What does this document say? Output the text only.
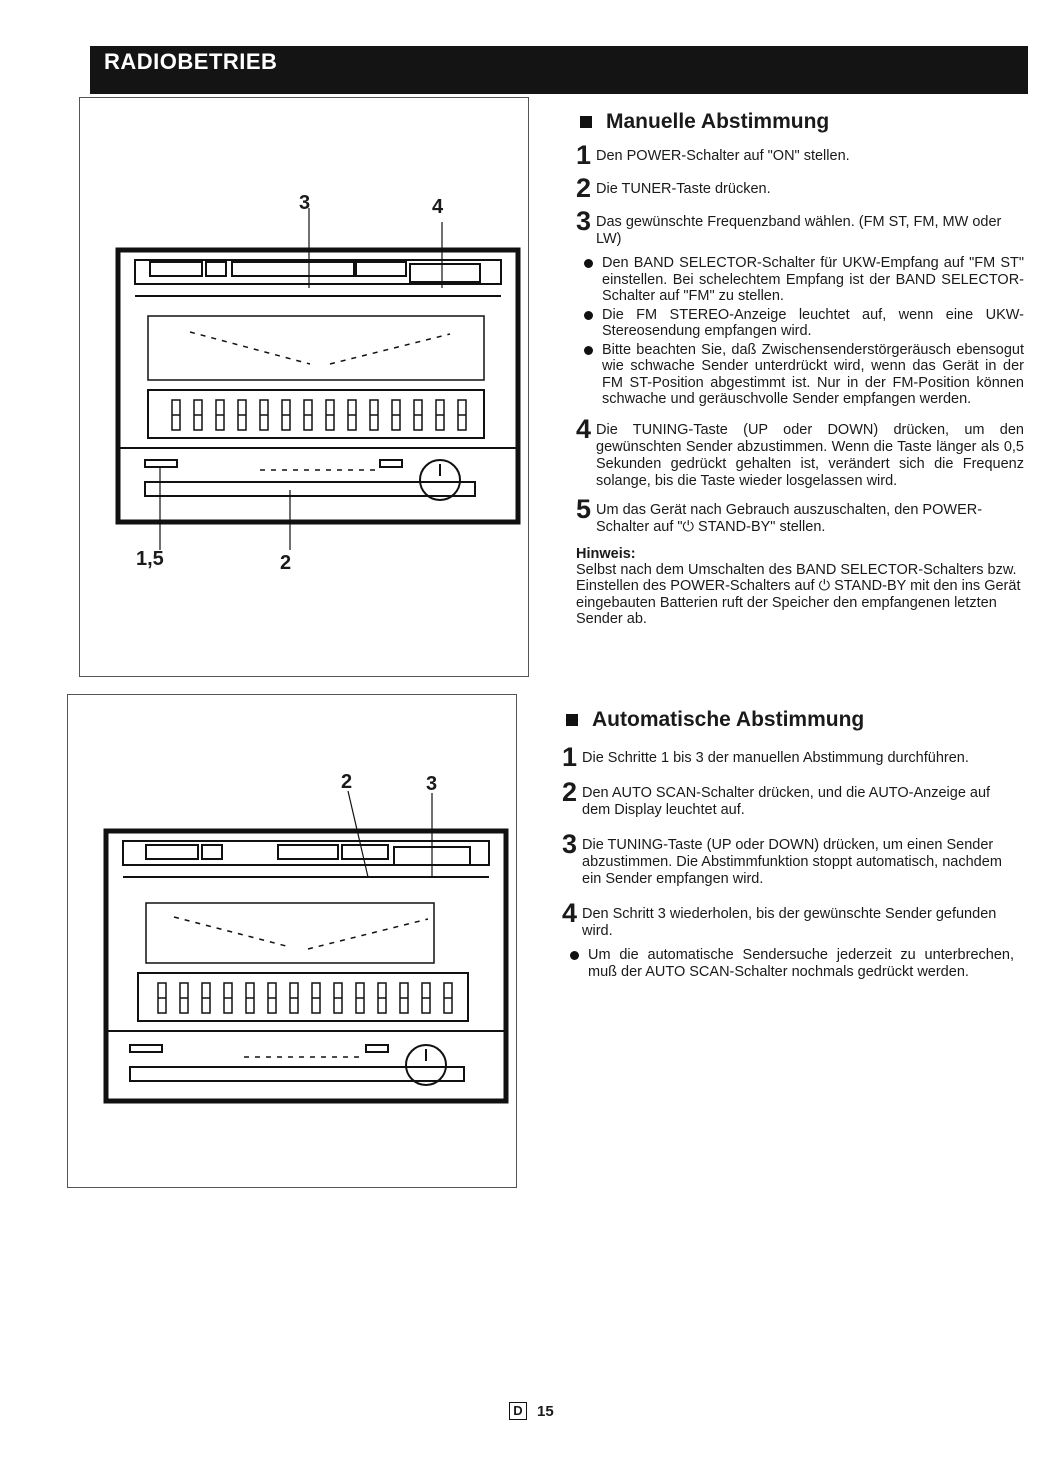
RADIOBETRIEB
3	4
1,5	2
2	3
Manuelle Abstimmung
1 Den POWER-Schalter auf "ON" stellen.
2 Die TUNER-Taste drücken.
3 Das gewünschte Frequenzband wählen. (FM ST, FM, MW oder LW)
Den BAND SELECTOR-Schalter für UKW-Empfang auf "FM ST" einstellen. Bei schelechtem Empfang ist der BAND SELECTOR-Schalter auf "FM" zu stellen.
Die FM STEREO-Anzeige leuchtet auf, wenn eine UKW-Stereosendung empfangen wird.
Bitte beachten Sie, daß Zwischensenderstörgeräusch ebensogut wie schwache Sender unterdrückt wird, wenn das Gerät in der FM ST-Position abgestimmt ist. Nur in der FM-Position können schwache und geräuschvolle Sender empfangen werden.
4 Die TUNING-Taste (UP oder DOWN) drücken, um den gewünschten Sender abzustimmen. Wenn die Taste länger als 0,5 Sekunden gedrückt gehalten ist, verändert sich die Frequenz solange, bis die Taste wieder losgelassen wird.
5 Um das Gerät nach Gebrauch auszuschalten, den POWER-Schalter auf "⏻ STAND-BY" stellen.
Hinweis:
Selbst nach dem Umschalten des BAND SELECTOR-Schalters bzw. Einstellen des POWER-Schalters auf ⏻ STAND-BY mit den ins Gerät eingebauten Batterien ruft der Speicher den empfangenen letzten Sender ab.
Automatische Abstimmung
1 Die Schritte 1 bis 3 der manuellen Abstimmung durchführen.
2 Den AUTO SCAN-Schalter drücken, und die AUTO-Anzeige auf dem Display leuchtet auf.
3 Die TUNING-Taste (UP oder DOWN) drücken, um einen Sender abzustimmen. Die Abstimmfunktion stoppt automatisch, nachdem ein Sender empfangen wird.
4 Den Schritt 3 wiederholen, bis der gewünschte Sender gefunden wird.
Um die automatische Sendersuche jederzeit zu unterbrechen, muß der AUTO SCAN-Schalter nochmals gedrückt werden.
D 15
